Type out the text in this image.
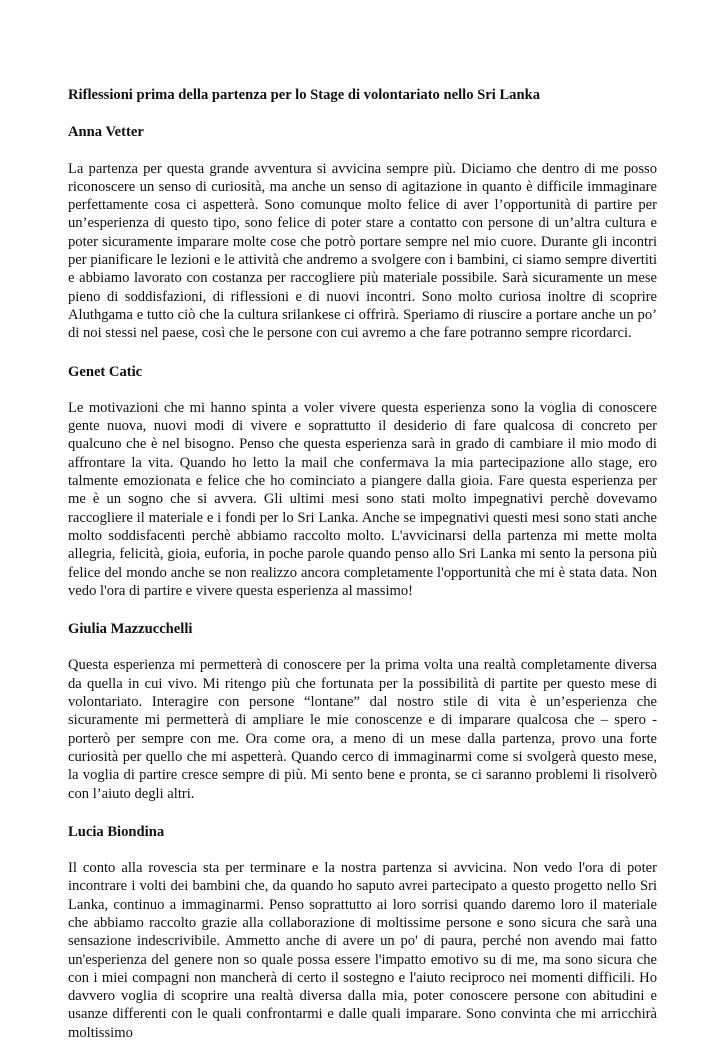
Riflessioni prima della partenza per lo Stage di volontariato nello Sri Lanka

Anna Vetter

La partenza per questa grande avventura si avvicina sempre più. Diciamo che dentro di me posso riconoscere un senso di curiosità, ma anche un senso di agitazione in quanto è difficile immaginare perfettamente cosa ci aspetterà. Sono comunque molto felice di aver l’opportunità di partire per un’esperienza di questo tipo, sono felice di poter stare a contatto con persone di un’altra cultura e poter sicuramente imparare molte cose che potrò portare sempre nel mio cuore. Durante gli incontri per pianificare le lezioni e le attività che andremo a svolgere con i bambini, ci siamo sempre divertiti e abbiamo lavorato con costanza per raccogliere più materiale possibile. Sarà sicuramente un mese pieno di soddisfazioni, di riflessioni e di nuovi incontri. Sono molto curiosa inoltre di scoprire Aluthgama e tutto ciò che la cultura srilankese ci offrirà. Speriamo di riuscire a portare anche un po’ di noi stessi nel paese, così che le persone con cui avremo a che fare potranno sempre ricordarci.

Genet Catic

Le motivazioni che mi hanno spinta a voler vivere questa esperienza sono la voglia di conoscere gente nuova, nuovi modi di vivere e soprattutto il desiderio di fare qualcosa di concreto per qualcuno che è nel bisogno. Penso che questa esperienza sarà in grado di cambiare il mio modo di affrontare la vita. Quando ho letto la mail che confermava la mia partecipazione allo stage, ero talmente emozionata e felice che ho cominciato a piangere dalla gioia. Fare questa esperienza per me è un sogno che si avvera. Gli ultimi mesi sono stati molto impegnativi perchè dovevamo raccogliere il materiale e i fondi per lo Sri Lanka. Anche se impegnativi questi mesi sono stati anche molto soddisfacenti perchè abbiamo raccolto molto. L'avvicinarsi della partenza mi mette molta allegria, felicità, gioia, euforia, in poche parole quando penso allo Sri Lanka mi sento la persona più felice del mondo anche se non realizzo ancora completamente l'opportunità che mi è stata data. Non vedo l'ora di partire e vivere questa esperienza al massimo!

Giulia Mazzucchelli

Questa esperienza mi permetterà di conoscere per la prima volta una realtà completamente diversa da quella in cui vivo. Mi ritengo più che fortunata per la possibilità di partite per questo mese di volontariato. Interagire con persone “lontane” dal nostro stile di vita è un’esperienza che sicuramente mi permetterà di ampliare le mie conoscenze e di imparare qualcosa che – spero - porterò per sempre con me. Ora come ora, a meno di un mese dalla partenza, provo una forte curiosità per quello che mi aspetterà. Quando cerco di immaginarmi come si svolgerà questo mese, la voglia di partire cresce sempre di più. Mi sento bene e pronta, se ci saranno problemi li risolverò con l’aiuto degli altri.

Lucia Biondina

Il conto alla rovescia sta per terminare e la nostra partenza si avvicina. Non vedo l'ora di poter incontrare i volti dei bambini che, da quando ho saputo avrei partecipato a questo progetto nello Sri Lanka, continuo a immaginarmi. Penso soprattutto ai loro sorrisi quando daremo loro il materiale che abbiamo raccolto grazie alla collaborazione di moltissime persone e sono sicura che sarà una sensazione indescrivibile. Ammetto anche di avere un po' di paura, perché non avendo mai fatto un'esperienza del genere non so quale possa essere l'impatto emotivo su di me, ma sono sicura che con i miei compagni non mancherà di certo il sostegno e l'aiuto reciproco nei momenti difficili. Ho davvero voglia di scoprire una realtà diversa dalla mia, poter conoscere persone con abitudini e usanze differenti con le quali confrontarmi e dalle quali imparare. Sono convinta che mi arricchirà moltissimo
